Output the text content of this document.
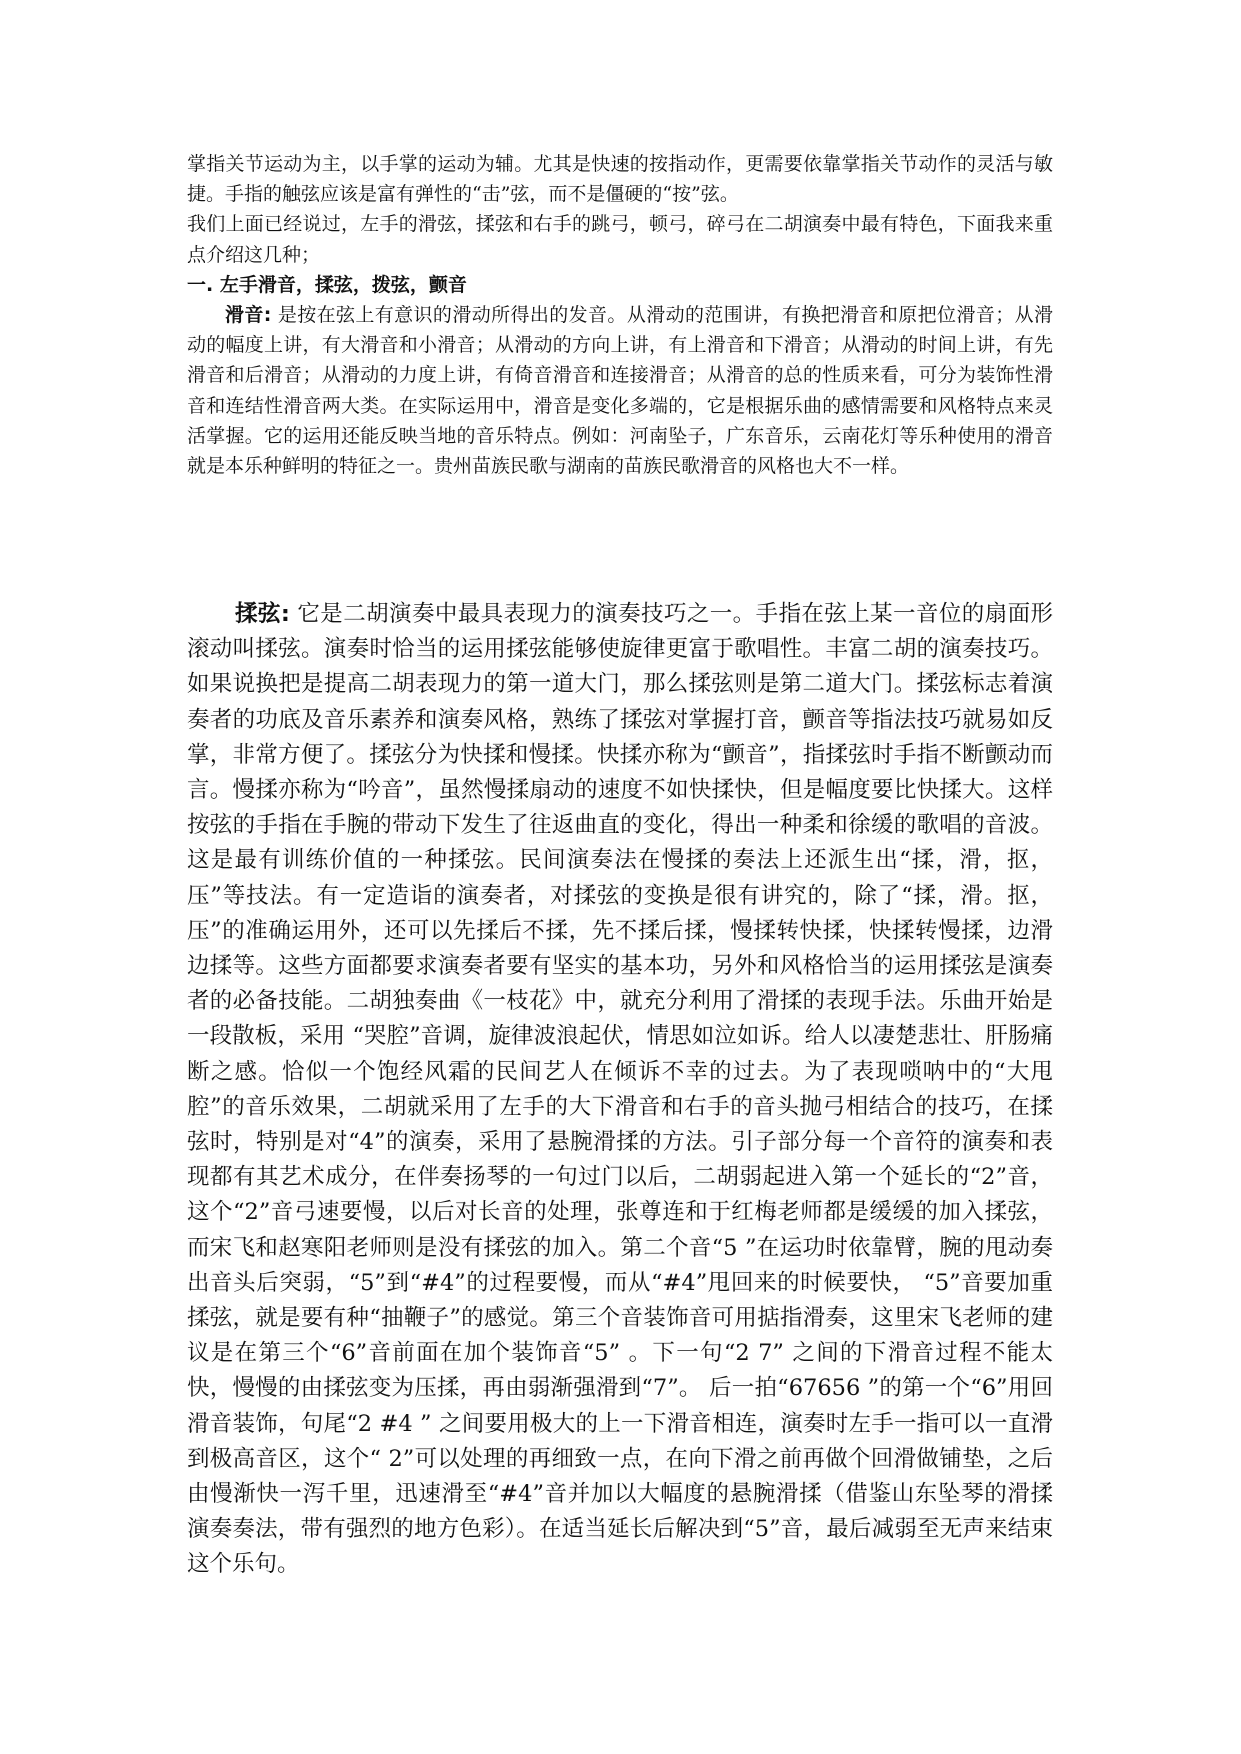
掌指关节运动为主，以手掌的运动为辅。尤其是快速的按指动作，更需要依靠掌指关节动作的灵活与敏捷。手指的触弦应该是富有弹性的“击”弦，而不是僵硬的“按”弦。

我们上面已经说过，左手的滑弦，揉弦和右手的跳弓，顿弓，碎弓在二胡演奏中最有特色，下面我来重点介绍这几种；

一. 左手滑音，揉弦，拨弦，颤音

滑音: 是按在弦上有意识的滑动所得出的发音。从滑动的范围讲，有换把滑音和原把位滑音；从滑动的幅度上讲，有大滑音和小滑音；从滑动的方向上讲，有上滑音和下滑音；从滑动的时间上讲，有先滑音和后滑音；从滑动的力度上讲，有倚音滑音和连接滑音；从滑音的总的性质来看，可分为装饰性滑音和连结性滑音两大类。在实际运用中，滑音是变化多端的，它是根据乐曲的感情需要和风格特点来灵活掌握。它的运用还能反映当地的音乐特点。例如：河南坠子，广东音乐，云南花灯等乐种使用的滑音就是本乐种鲜明的特征之一。贵州苗族民歌与湖南的苗族民歌滑音的风格也大不一样。

揉弦: 它是二胡演奏中最具表现力的演奏技巧之一。手指在弦上某一音位的扇面形滚动叫揉弦。演奏时恰当的运用揉弦能够使旋律更富于歌唱性。丰富二胡的演奏技巧。如果说换把是提高二胡表现力的第一道大门，那么揉弦则是第二道大门。揉弦标志着演奏者的功底及音乐素养和演奏风格，熟练了揉弦对掌握打音，颤音等指法技巧就易如反掌，非常方便了。揉弦分为快揉和慢揉。快揉亦称为“颤音”，指揉弦时手指不断颤动而言。慢揉亦称为“吟音”，虽然慢揉扇动的速度不如快揉快，但是幅度要比快揉大。这样按弦的手指在手腕的带动下发生了往返曲直的变化，得出一种柔和徐缓的歌唱的音波。这是最有训练价值的一种揉弦。民间演奏法在慢揉的奏法上还派生出“揉，滑，抠，压”等技法。有一定造诣的演奏者，对揉弦的变换是很有讲究的，除了“揉，滑。抠，压”的准确运用外，还可以先揉后不揉，先不揉后揉，慢揉转快揉，快揉转慢揉，边滑边揉等。这些方面都要求演奏者要有坚实的基本功，另外和风格恰当的运用揉弦是演奏者的必备技能。二胡独奏曲《一枝花》中，就充分利用了滑揉的表现手法。乐曲开始是一段散板，采用 “哭腔”音调，旋律波浪起伏，情思如泣如诉。给人以凄楚悲壮、肝肠痛断之感。恰似一个饱经风霜的民间艺人在倾诉不幸的过去。为了表现唢呐中的“大甩腔”的音乐效果，二胡就采用了左手的大下滑音和右手的音头抛弓相结合的技巧，在揉弦时，特别是对“4”的演奏，采用了悬腕滑揉的方法。引子部分每一个音符的演奏和表现都有其艺术成分，在伴奏扬琴的一句过门以后，二胡弱起进入第一个延长的“2”音，这个“2”音弓速要慢，以后对长音的处理，张尊连和于红梅老师都是缓缓的加入揉弦，而宋飞和赵寒阳老师则是没有揉弦的加入。第二个音“5 ”在运功时依靠臂，腕的甩动奏出音头后突弱，“5”到“#4”的过程要慢，而从“#4”甩回来的时候要快， “5”音要加重揉弦，就是要有种“抽鞭子”的感觉。第三个音装饰音可用掂指滑奏，这里宋飞老师的建议是在第三个“6”音前面在加个装饰音“5” 。下一句“2 7” 之间的下滑音过程不能太快，慢慢的由揉弦变为压揉，再由弱渐强滑到“7”。 后一拍“67656 ”的第一个“6”用回滑音装饰，句尾“2 #4 ” 之间要用极大的上一下滑音相连，演奏时左手一指可以一直滑到极高音区，这个“ 2”可以处理的再细致一点，在向下滑之前再做个回滑做铺垫，之后由慢渐快一泻千里，迅速滑至“#4”音并加以大幅度的悬腕滑揉（借鉴山东坠琴的滑揉演奏奏法，带有强烈的地方色彩）。在适当延长后解决到“5”音，最后减弱至无声来结束这个乐句。
